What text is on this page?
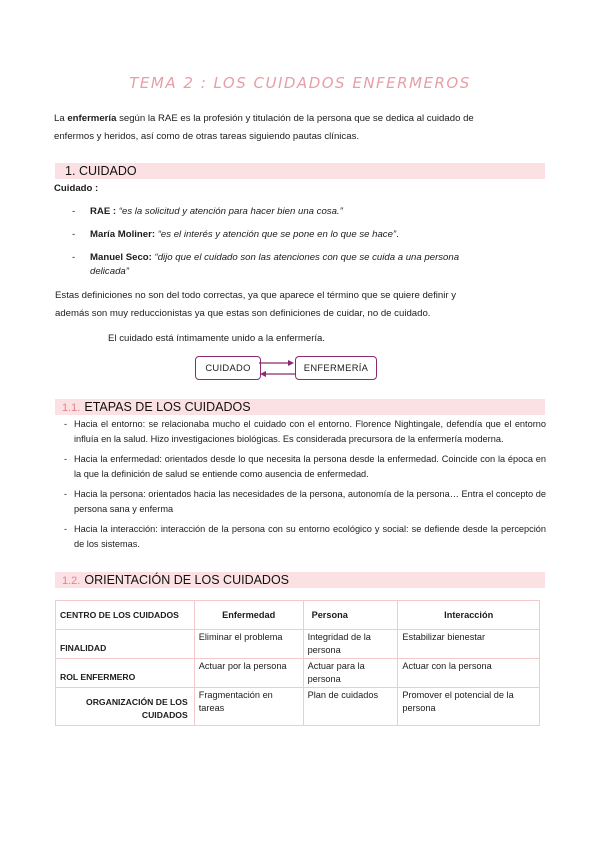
TEMA 2 : LOS CUIDADOS ENFERMEROS
La enfermería según la RAE es la profesión y titulación de la persona que se dedica al cuidado de enfermos y heridos, así como de otras tareas siguiendo pautas clínicas.
1. CUIDADO
Cuidado :
- RAE : “es la solicitud y atención para hacer bien una cosa.”
- María Moliner: “es el interés y atención que se pone en lo que se hace”.
- Manuel Seco: “dijo que el cuidado son las atenciones con que se cuida a una persona delicada”
Estas definiciones no son del todo correctas, ya que aparece el término que se quiere definir y además son muy reduccionistas ya que estas son definiciones de cuidar, no de cuidado.
El cuidado está íntimamente unido a la enfermería.
CUIDADO	ENFERMERÍA
1.1. ETAPAS DE LOS CUIDADOS
- Hacia el entorno: se relacionaba mucho el cuidado con el entorno. Florence Nightingale, defendía que el entorno influía en la salud. Hizo investigaciones biológicas. Es considerada precursora de la enfermería moderna.
- Hacia la enfermedad: orientados desde lo que necesita la persona desde la enfermedad. Coincide con la época en la que la definición de salud se entiende como ausencia de enfermedad.
- Hacia la persona: orientados hacia las necesidades de la persona, autonomía de la persona… Entra el concepto de persona sana y enferma
- Hacia la interacción: interacción de la persona con su entorno ecológico y social: se defiende desde la percepción de los sistemas.
1.2. ORIENTACIÓN DE LOS CUIDADOS
CENTRO DE LOS CUIDADOS	Enfermedad	Persona	Interacción
FINALIDAD	Eliminar el problema	Integridad de la persona	Estabilizar bienestar
ROL ENFERMERO	Actuar por la persona	Actuar para la persona	Actuar con la persona
ORGANIZACIÓN DE LOS CUIDADOS	Fragmentación en tareas	Plan de cuidados	Promover el potencial de la persona
